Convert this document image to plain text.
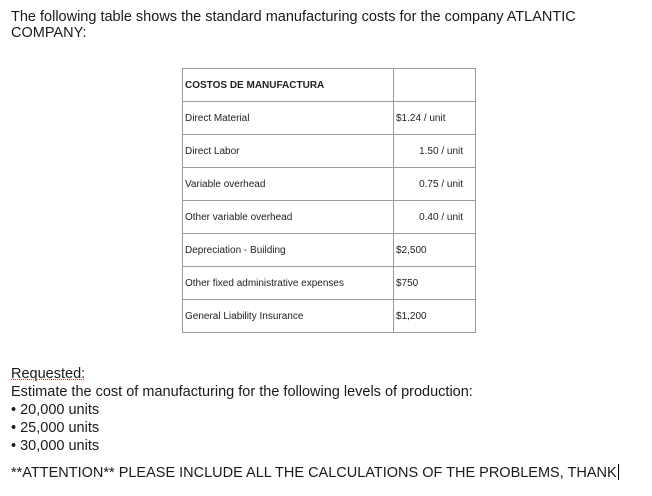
The following table shows the standard manufacturing costs for the company ATLANTIC COMPANY:

COSTOS DE MANUFACTURA	
Direct Material	$1.24 / unit
Direct Labor	1.50 / unit
Variable overhead	0.75 / unit
Other variable overhead	0.40 / unit
Depreciation - Building	$2,500
Other fixed administrative expenses	$750
General Liability Insurance	$1,200
Requested:
Estimate the cost of manufacturing for the following levels of production:
• 20,000 units
• 25,000 units
• 30,000 units

**ATTENTION** PLEASE INCLUDE ALL THE CALCULATIONS OF THE PROBLEMS, THANK
